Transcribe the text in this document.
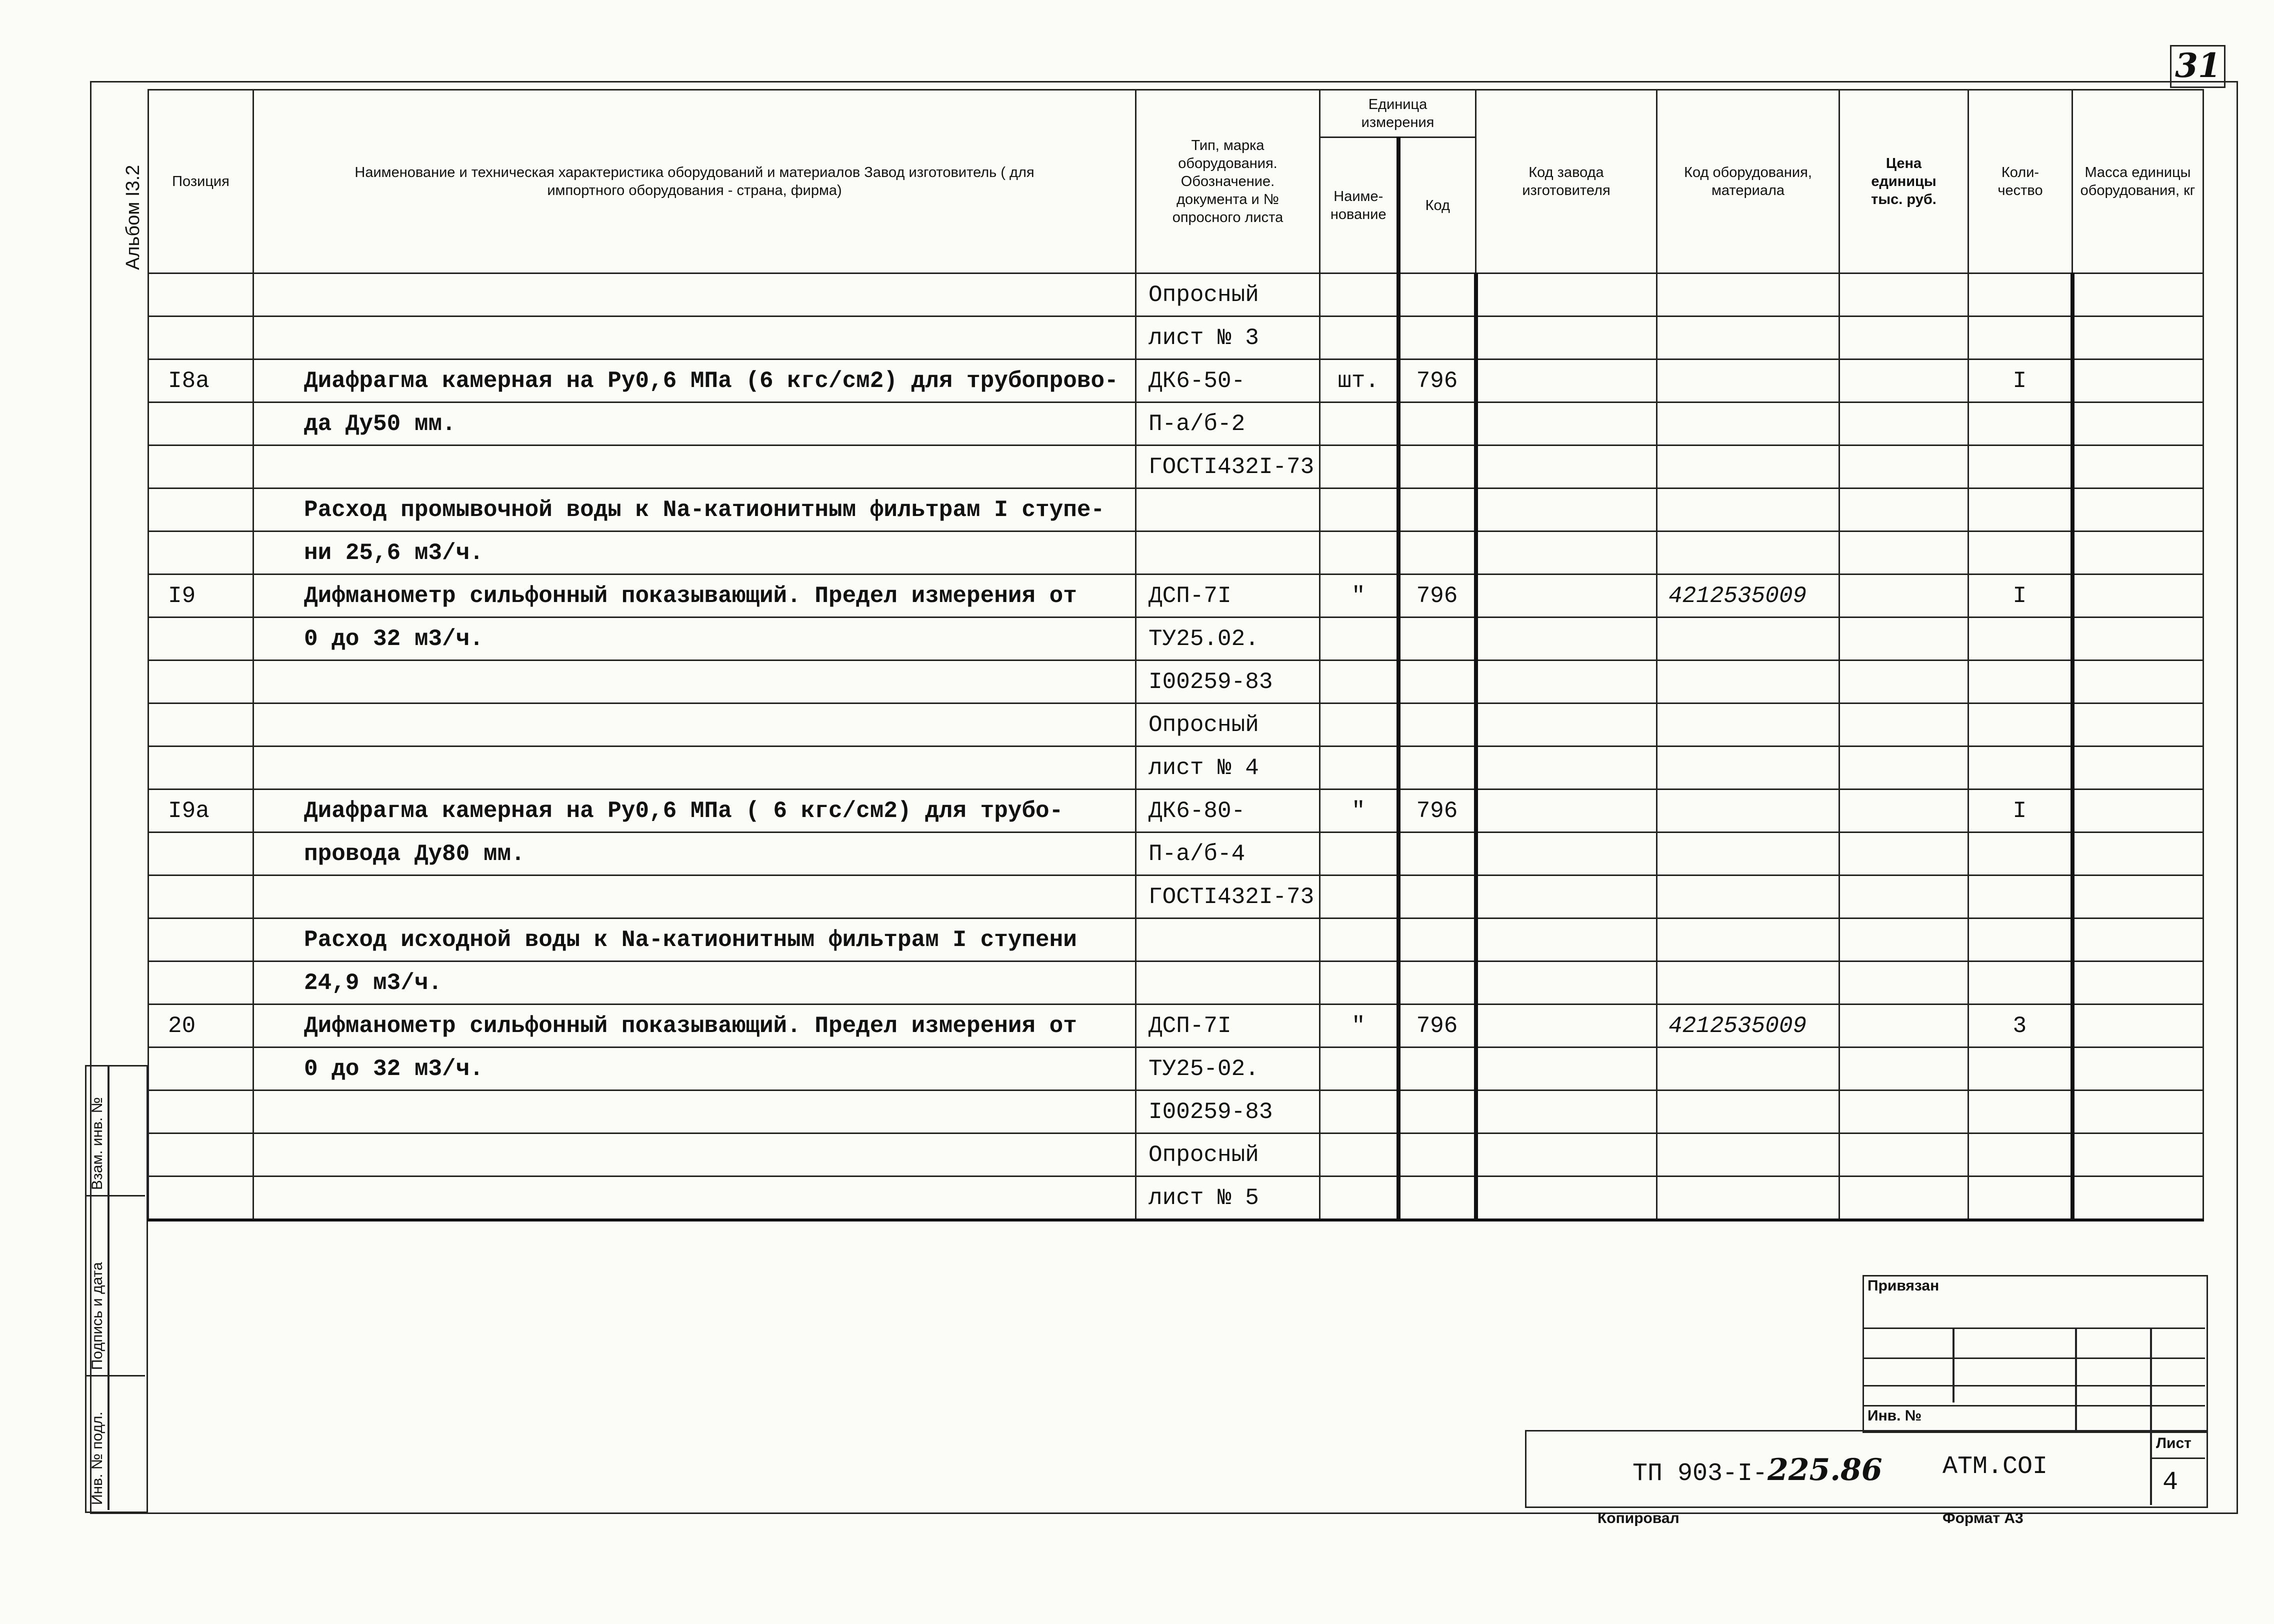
31
Альбом I3.2
Инв. № подл.
Подпись и дата
Взам. инв. №
Позиция	Наименование и техническая характеристика оборудований и материалов Завод изготовитель ( для импортного оборудования - страна, фирма)	Тип, марка оборудования. Обозначение. документа и № опросного листа	Единица измерения		Код завода изготовителя	Код оборудования, материала	Цена единицы тыс. руб.	Коли-чество	Масса единицы оборудования, кг
			Наиме-нование	Код					
		Опросный							
		лист № 3							
I8а	Диафрагма камерная на Ру0,6 МПа (6 кгс/см2) для трубопрово-	ДК6-50-	шт.	796				I	
	да Ду50 мм.	П-а/б-2							
		ГОСТI432I-73							
	Расход промывочной воды к Nа-катионитным фильтрам I ступе-								
	ни 25,6 м3/ч.								
I9	Дифманометр сильфонный показывающий. Предел измерения от	ДСП-7I	"	796		4212535009		I	
	0 до 32 м3/ч.	ТУ25.02.							
		I00259-83							
		Опросный							
		лист № 4							
I9а	Диафрагма камерная на Ру0,6 МПа ( 6 кгс/см2) для трубо-	ДК6-80-	"	796				I	
	провода Ду80 мм.	П-а/б-4							
		ГОСТI432I-73							
	Расход исходной воды к Nа-катионитным фильтрам I ступени								
	24,9 м3/ч.								
20	Дифманометр сильфонный показывающий. Предел измерения от	ДСП-7I	"	796		4212535009		3	
	0 до 32 м3/ч.	ТУ25-02.							
		I00259-83							
		Опросный							
		лист № 5							
Привязан
Инв. №
ТП 903-I-225.86 АТМ.СОI
Лист
4
Копировал	Формат А3
